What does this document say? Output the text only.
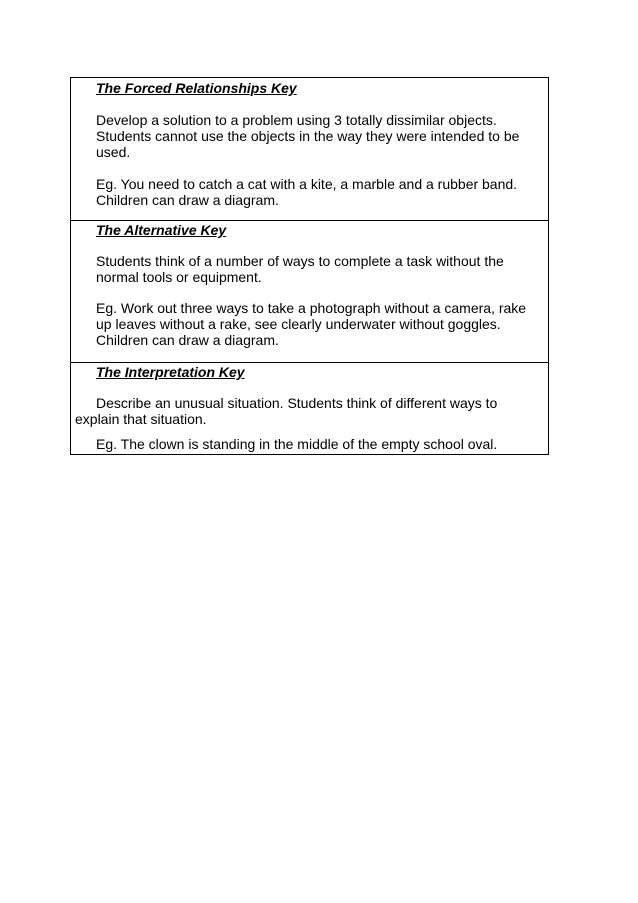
The Forced Relationships Key

Develop a solution to a problem using 3 totally dissimilar objects.

Students cannot use the objects in the way they were intended to be

used.

Eg. You need to catch a cat with a kite, a marble and a rubber band.

Children can draw a diagram.

The Alternative Key

Students think of a number of ways to complete a task without the

normal tools or equipment.

Eg. Work out three ways to take a photograph without a camera, rake

up leaves without a rake, see clearly underwater without goggles.

Children can draw a diagram.

The Interpretation Key

Describe an unusual situation. Students think of different ways to

explain that situation.

Eg. The clown is standing in the middle of the empty school oval.
